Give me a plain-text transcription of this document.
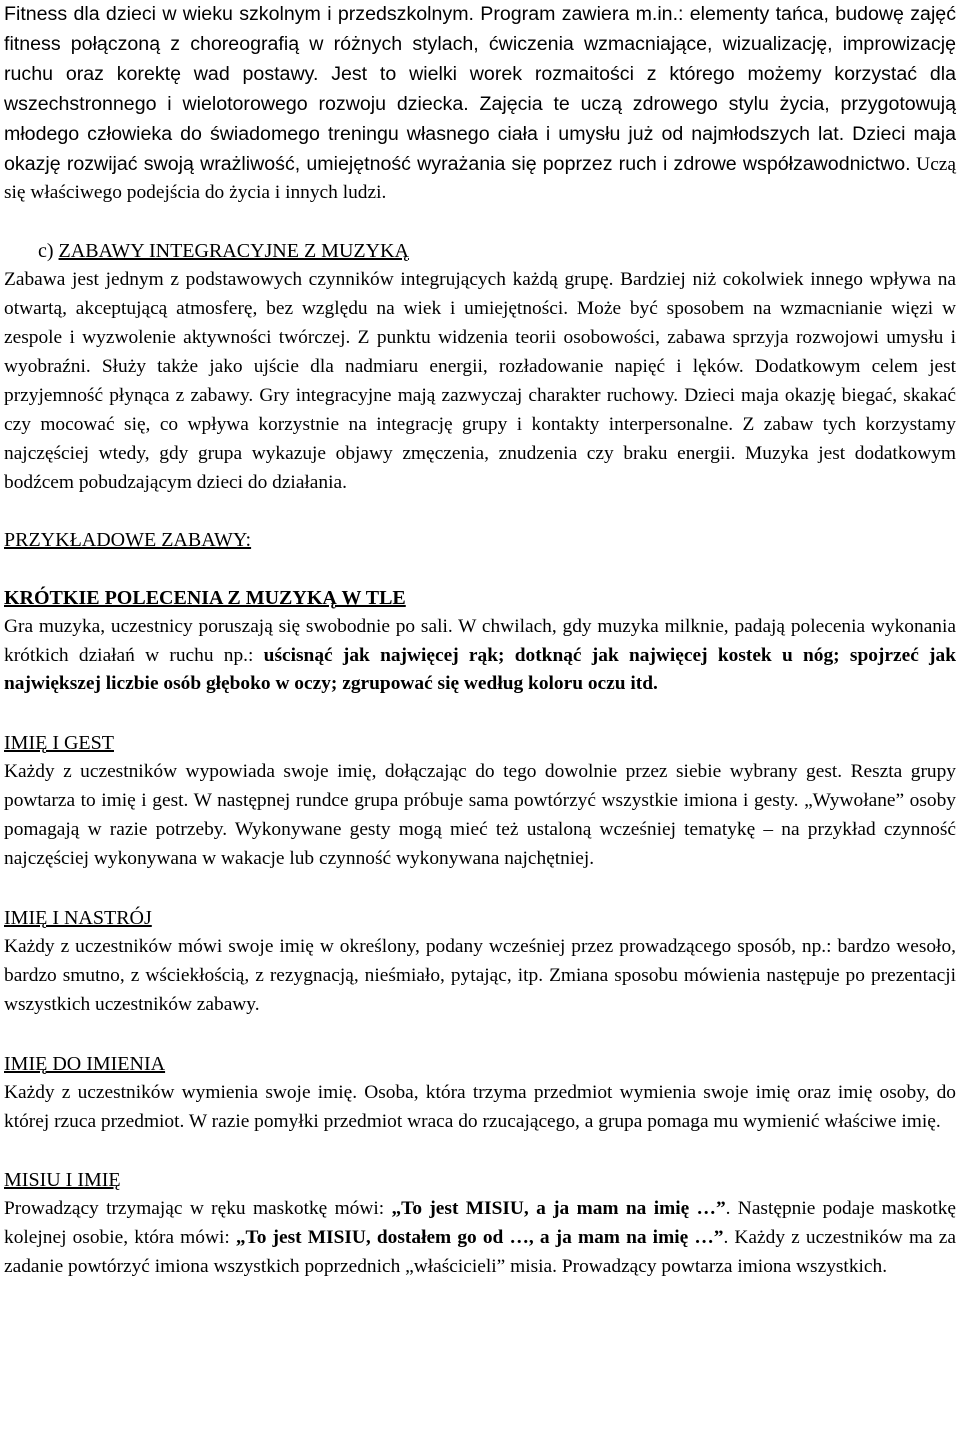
Fitness dla dzieci w wieku szkolnym i przedszkolnym. Program zawiera m.in.: elementy tańca, budowę zajęć fitness połączoną z choreografią w różnych stylach, ćwiczenia wzmacniające, wizualizację, improwizację ruchu oraz korektę wad postawy. Jest to wielki worek rozmaitości z którego możemy korzystać dla wszechstronnego i wielotorowego rozwoju dziecka. Zajęcia te uczą zdrowego stylu życia, przygotowują młodego człowieka do świadomego treningu własnego ciała i umysłu już od najmłodszych lat. Dzieci maja okazję rozwijać swoją wrażliwość, umiejętność wyrażania się poprzez ruch i zdrowe współzawodnictwo. Uczą się właściwego podejścia do życia i innych ludzi.

c) ZABAWY INTEGRACYJNE Z MUZYKĄ

Zabawa jest jednym z podstawowych czynników integrujących każdą grupę. Bardziej niż cokolwiek innego wpływa na otwartą, akceptującą atmosferę, bez względu na wiek i umiejętności. Może być sposobem na wzmacnianie więzi w zespole i wyzwolenie aktywności twórczej. Z punktu widzenia teorii osobowości, zabawa sprzyja rozwojowi umysłu i wyobraźni. Służy także jako ujście dla nadmiaru energii, rozładowanie napięć i lęków. Dodatkowym celem jest przyjemność płynąca z zabawy. Gry integracyjne mają zazwyczaj charakter ruchowy. Dzieci maja okazję biegać, skakać czy mocować się, co wpływa korzystnie na integrację grupy i kontakty interpersonalne. Z zabaw tych korzystamy najczęściej wtedy, gdy grupa wykazuje objawy zmęczenia, znudzenia czy braku energii. Muzyka jest dodatkowym bodźcem pobudzającym dzieci do działania.

PRZYKŁADOWE ZABAWY:

KRÓTKIE POLECENIA Z MUZYKĄ W TLE

Gra muzyka, uczestnicy poruszają się swobodnie po sali. W chwilach, gdy muzyka milknie, padają polecenia wykonania krótkich działań w ruchu np.: uścisnąć jak najwięcej rąk; dotknąć jak najwięcej kostek u nóg; spojrzeć jak największej liczbie osób głęboko w oczy; zgrupować się według koloru oczu itd.

IMIĘ I GEST

Każdy z uczestników wypowiada swoje imię, dołączając do tego dowolnie przez siebie wybrany gest. Reszta grupy powtarza to imię i gest. W następnej rundce grupa próbuje sama powtórzyć wszystkie imiona i gesty. „Wywołane” osoby pomagają w razie potrzeby. Wykonywane gesty mogą mieć też ustaloną wcześniej tematykę – na przykład czynność najczęściej wykonywana w wakacje lub czynność wykonywana najchętniej.

IMIĘ I NASTRÓJ

Każdy z uczestników mówi swoje imię w określony, podany wcześniej przez prowadzącego sposób, np.: bardzo wesoło, bardzo smutno, z wściekłością, z rezygnacją, nieśmiało, pytając, itp. Zmiana sposobu mówienia następuje po prezentacji wszystkich uczestników zabawy.

IMIĘ DO IMIENIA

Każdy z uczestników wymienia swoje imię. Osoba, która trzyma przedmiot wymienia swoje imię oraz imię osoby, do której rzuca przedmiot. W razie pomyłki przedmiot wraca do rzucającego, a grupa pomaga mu wymienić właściwe imię.

MISIU I IMIĘ

Prowadzący trzymając w ręku maskotkę mówi: „To jest MISIU, a ja mam na imię …”. Następnie podaje maskotkę kolejnej osobie, która mówi: „To jest MISIU, dostałem go od …, a ja mam na imię …”. Każdy z uczestników ma za zadanie powtórzyć imiona wszystkich poprzednich „właścicieli” misia. Prowadzący powtarza imiona wszystkich.
